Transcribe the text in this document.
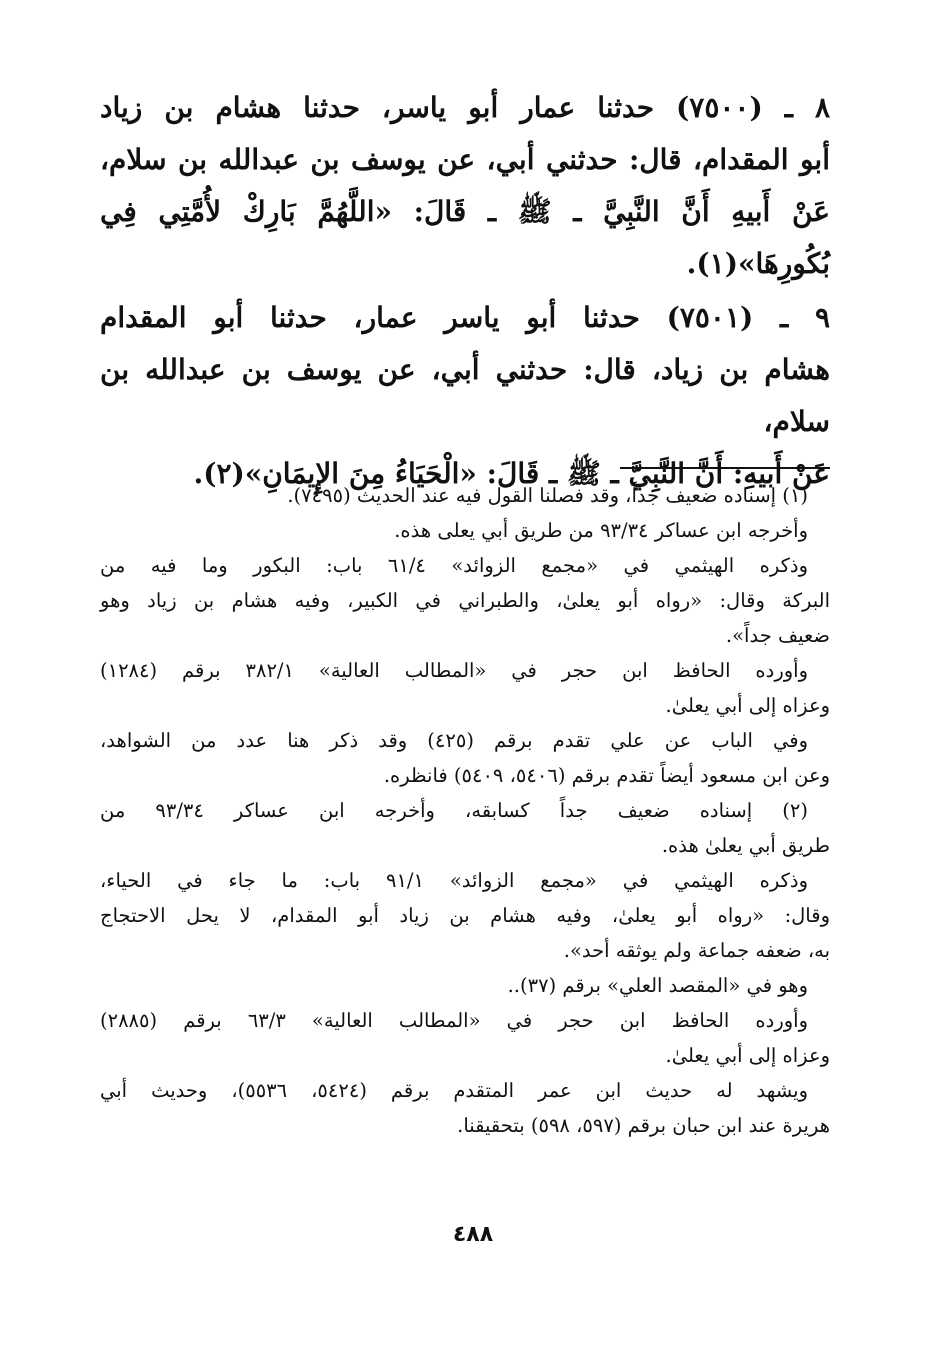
٨ ـ (٧٥٠٠) حدثنا عمار أبو ياسر، حدثنا هشام بن زياد

أبو المقدام، قال: حدثني أبي، عن يوسف بن عبدالله بن سلام،

عَنْ أَبيهِ أَنَّ النَّبِيَّ ـ ﷺ ـ قَالَ: «اللَّهُمَّ بَارِكْ لأُمَّتِي فِي

بُكُورِهَا»(١).

٩ ـ (٧٥٠١) حدثنا أبو ياسر عمار، حدثنا أبو المقدام

هشام بن زياد، قال: حدثني أبي، عن يوسف بن عبدالله بن سلام،

عَنْ أَبيهِ: أَنَّ النَّبِيَّ ـ ﷺ ـ قَالَ: «الْحَيَاءُ مِنَ الإِيمَانِ»(٢).

(١) إسناده ضعيف جداً، وقد فصلنا القول فيه عند الحديث (٧٤٩٥).

وأخرجه ابن عساكر ٩٣/٣٤ من طريق أبي يعلى هذه.

وذكره الهيثمي في «مجمع الزوائد» ٦١/٤ باب: البكور وما فيه من

البركة وقال: «رواه أبو يعلىٰ، والطبراني في الكبير، وفيه هشام بن زياد وهو

ضعيف جداً».

وأورده الحافظ ابن حجر في «المطالب العالية» ٣٨٢/١ برقم (١٢٨٤)

وعزاه إلى أبي يعلىٰ.

وفي الباب عن علي تقدم برقم (٤٢٥) وقد ذكر هنا عدد من الشواهد،

وعن ابن مسعود أيضاً تقدم برقم (٥٤٠٦، ٥٤٠٩) فانظره.

(٢) إسناده ضعيف جداً كسابقه، وأخرجه ابن عساكر ٩٣/٣٤ من

طريق أبي يعلىٰ هذه.

وذكره الهيثمي في «مجمع الزوائد» ٩١/١ باب: ما جاء في الحياء،

وقال: «رواه أبو يعلىٰ، وفيه هشام بن زياد أبو المقدام، لا يحل الاحتجاج

به، ضعفه جماعة ولم يوثقه أحد».

وهو في «المقصد العلي» برقم (٣٧)..

وأورده الحافظ ابن حجر في «المطالب العالية» ٦٣/٣ برقم (٢٨٨٥)

وعزاه إلى أبي يعلىٰ.

ويشهد له حديث ابن عمر المتقدم برقم (٥٤٢٤، ٥٥٣٦)، وحديث أبي

هريرة عند ابن حبان برقم (٥٩٧، ٥٩٨) بتحقيقنا.

٤٨٨
